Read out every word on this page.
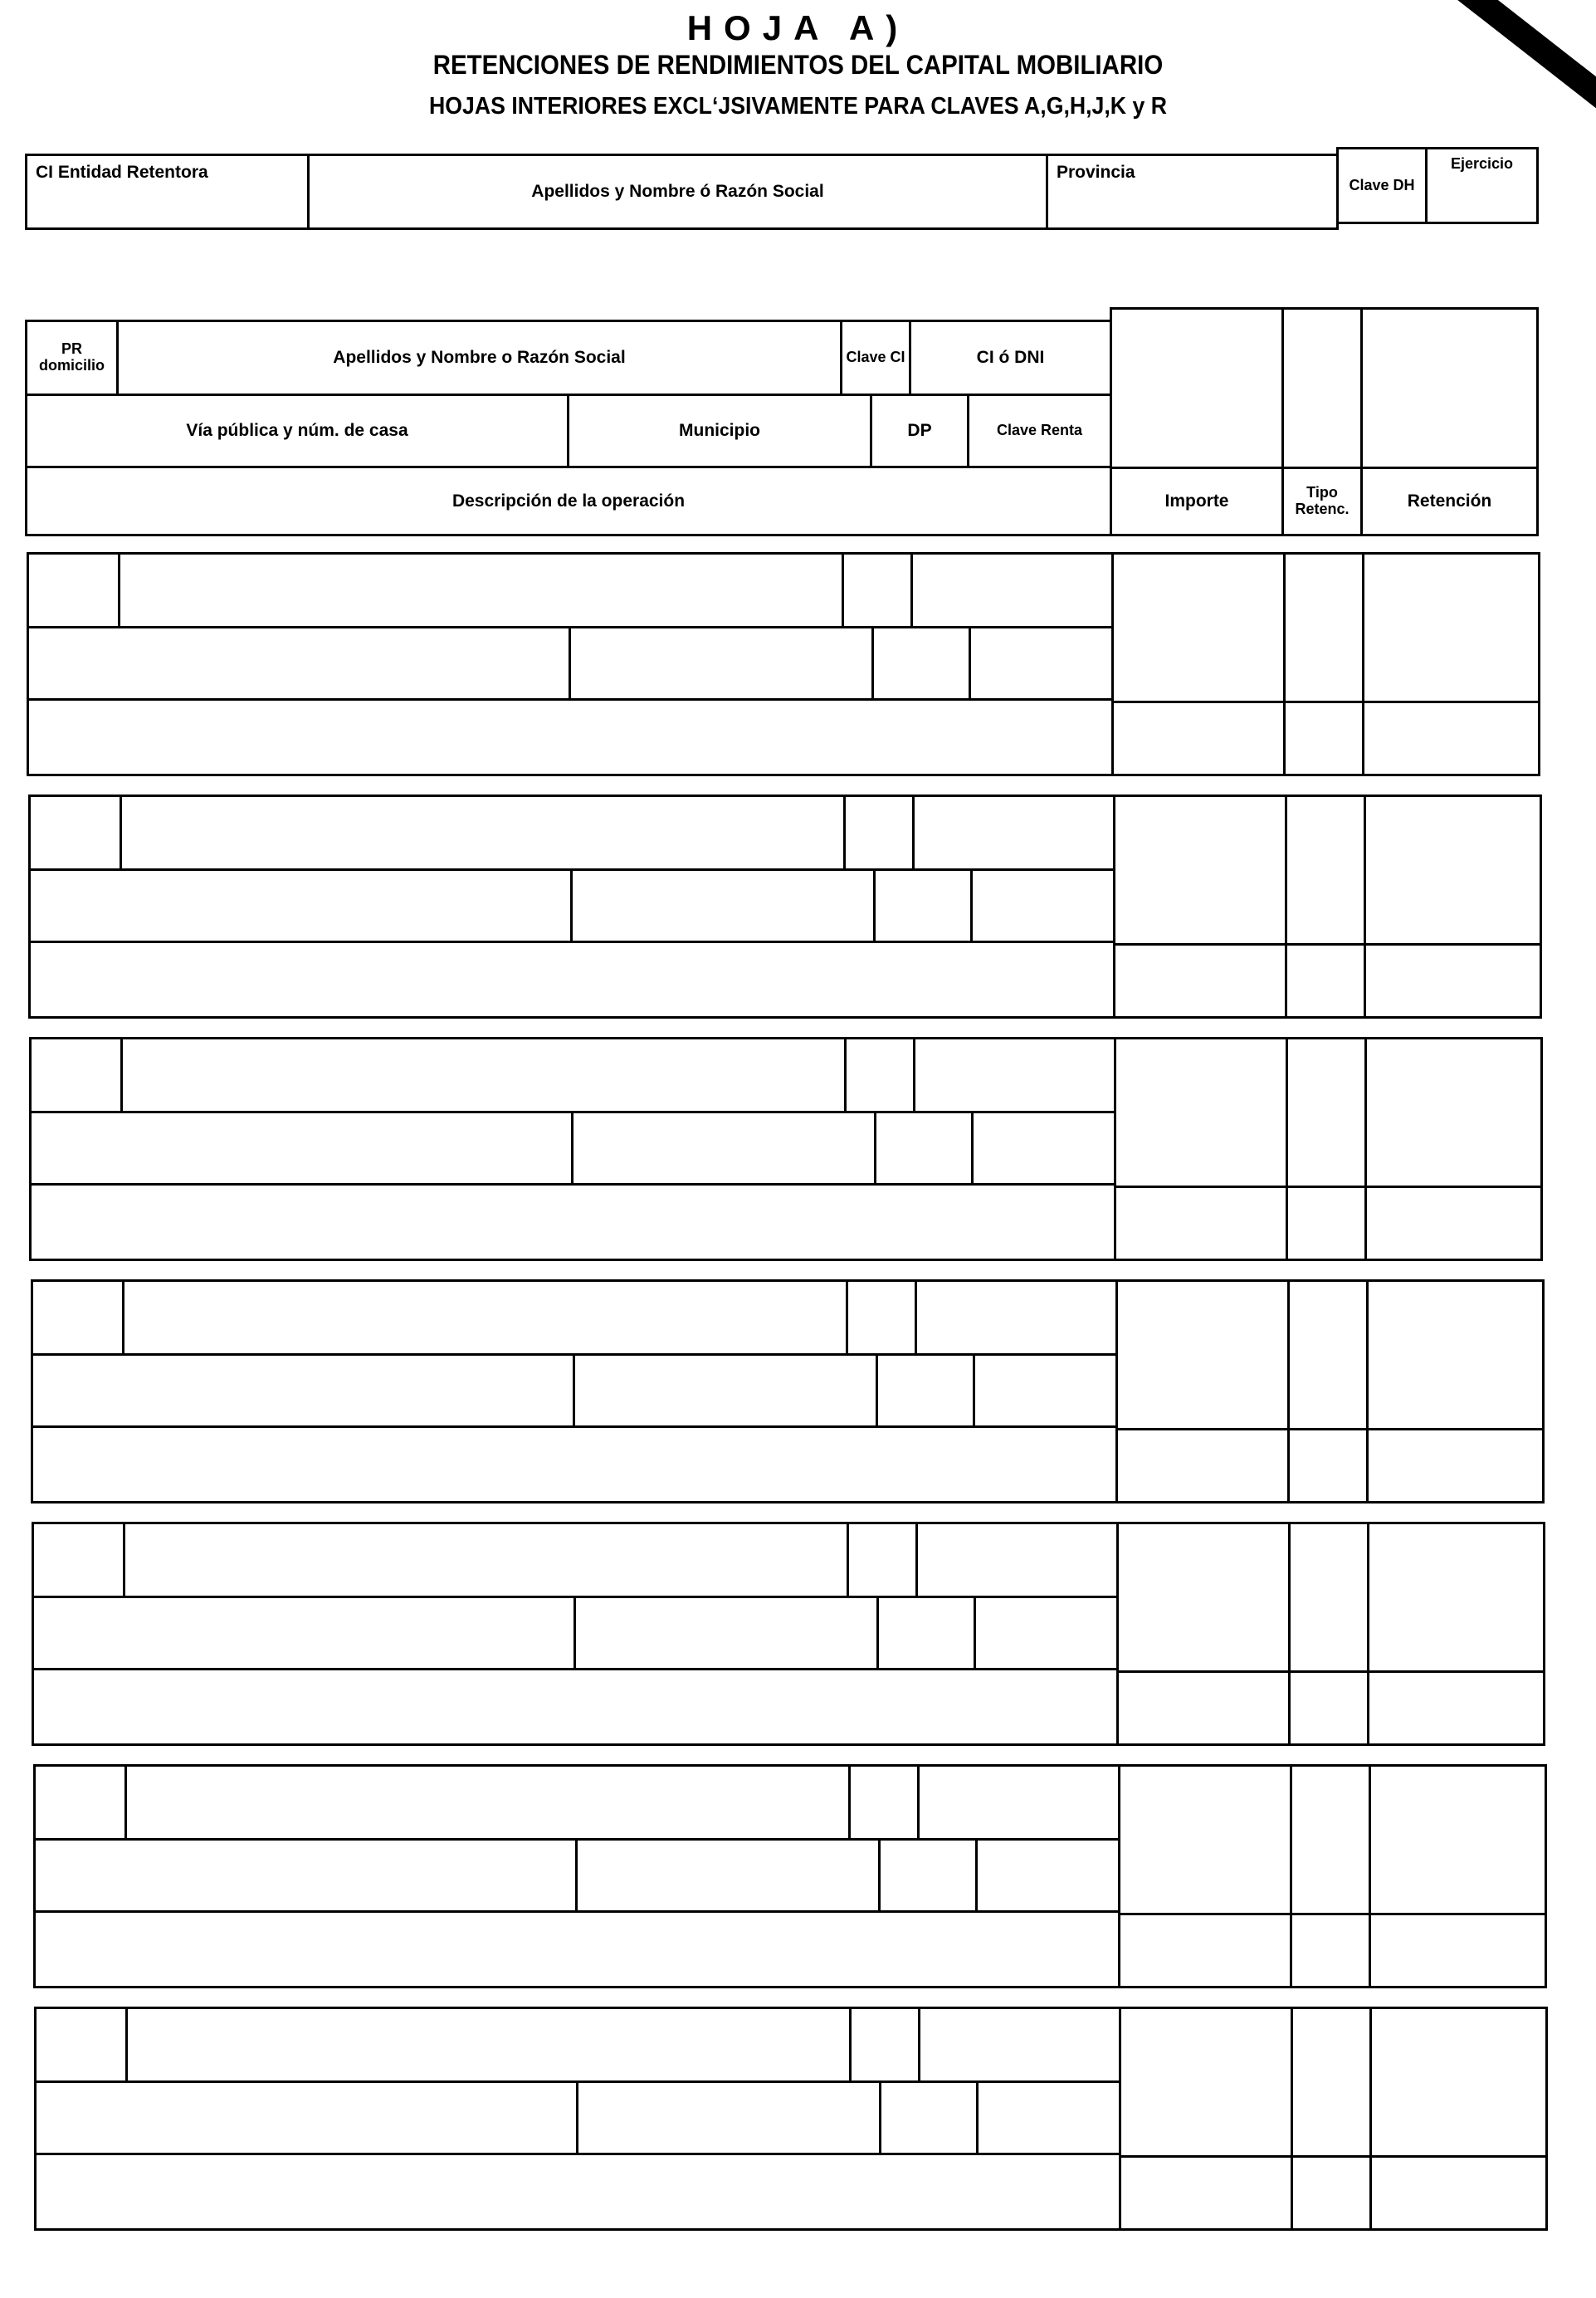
HOJA A)
RETENCIONES DE RENDIMIENTOS DEL CAPITAL MOBILIARIO
HOJAS INTERIORES EXCLʻJSIVAMENTE PARA CLAVES A,G,H,J,K y R
CI Entidad Retentora
Apellidos y Nombre ó Razón Social
Provincia
Clave DH
Ejercicio
PR domicilio	Apellidos y Nombre o Razón Social	Clave CI	CI ó DNI
Vía pública y núm. de casa	Municipio	DP	Clave Renta
Descripción de la operación	Importe	Tipo Retenc.	Retención
